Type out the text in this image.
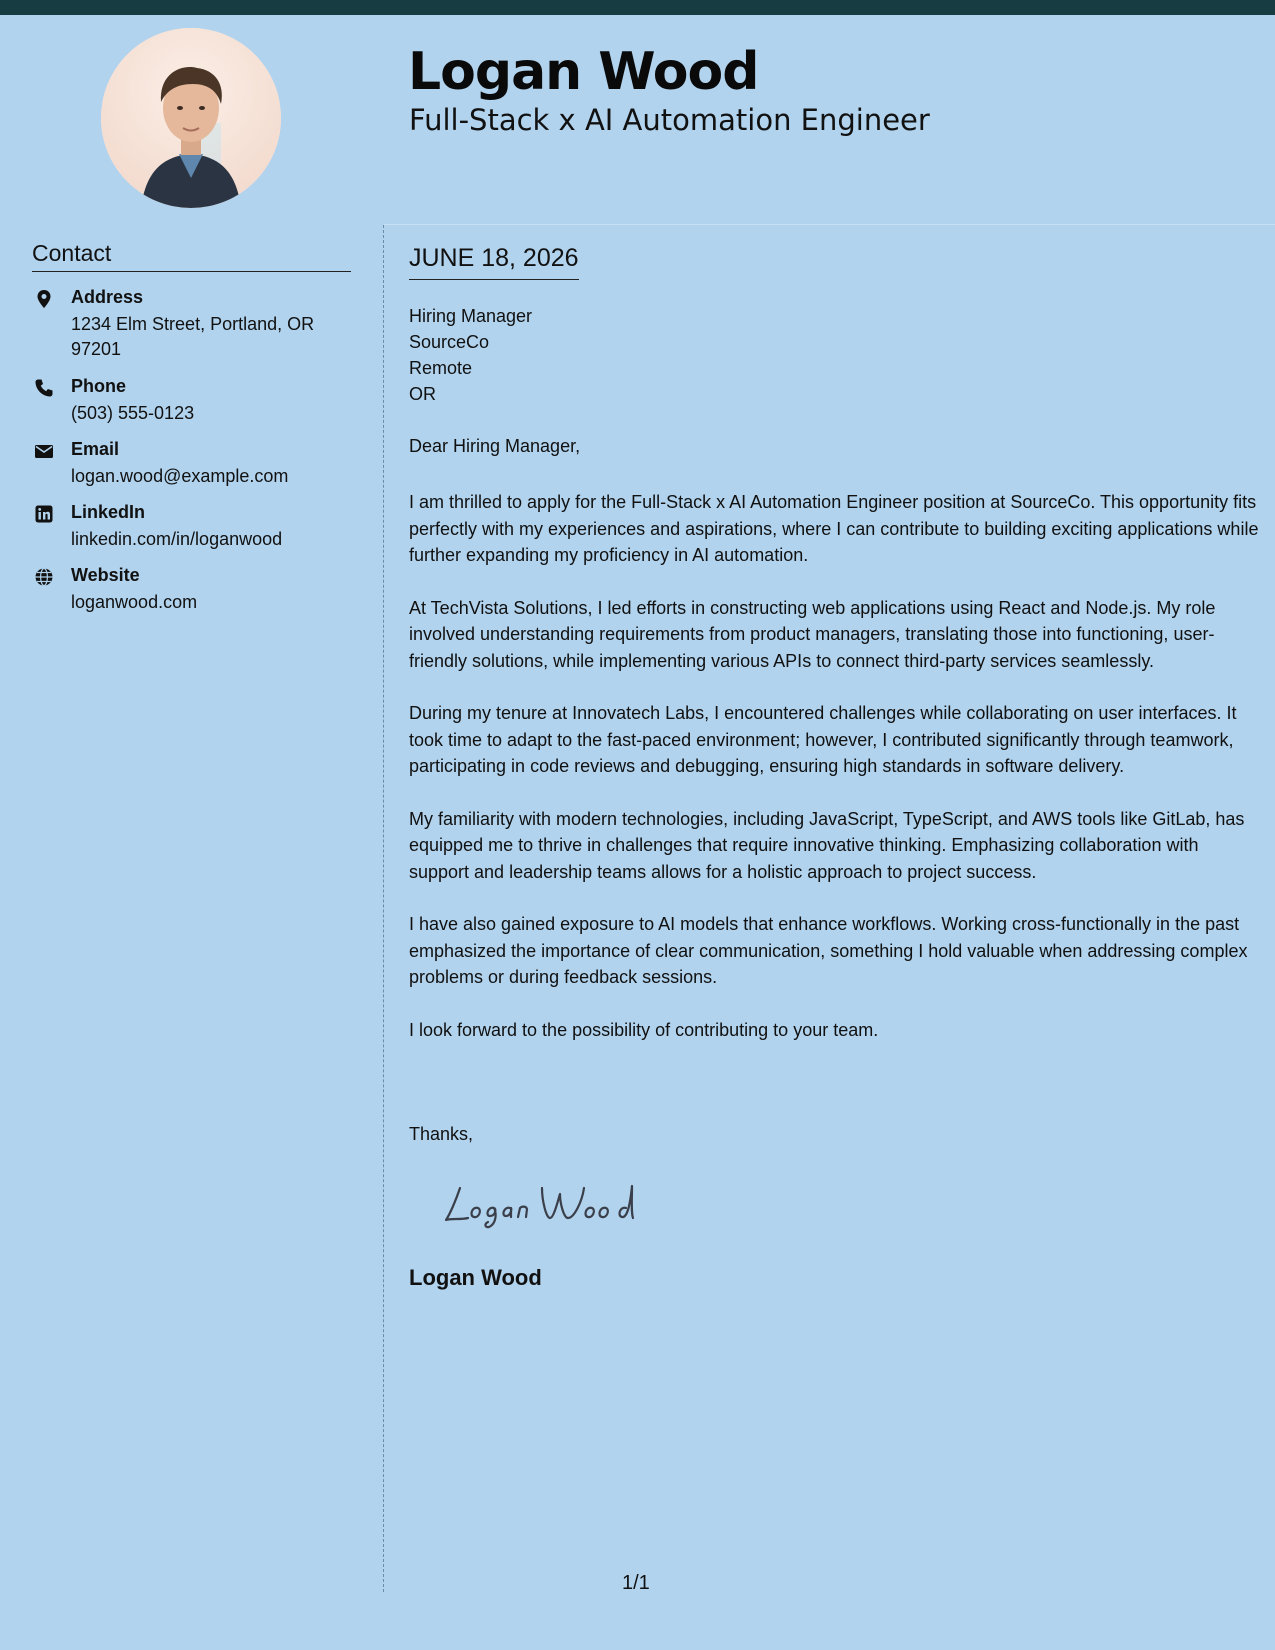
Logan Wood
Full-Stack x AI Automation Engineer
Contact
Address
1234 Elm Street, Portland, OR 97201
Phone
(503) 555-0123
Email
logan.wood@example.com
LinkedIn
linkedin.com/in/loganwood
Website
loganwood.com
JUNE 18, 2026
Hiring Manager
SourceCo
Remote
OR
Dear Hiring Manager,

I am thrilled to apply for the Full-Stack x AI Automation Engineer position at SourceCo. This opportunity fits perfectly with my experiences and aspirations, where I can contribute to building exciting applications while further expanding my proficiency in AI automation.

At TechVista Solutions, I led efforts in constructing web applications using React and Node.js. My role involved understanding requirements from product managers, translating those into functioning, user-friendly solutions, while implementing various APIs to connect third-party services seamlessly.

During my tenure at Innovatech Labs, I encountered challenges while collaborating on user interfaces. It took time to adapt to the fast-paced environment; however, I contributed significantly through teamwork, participating in code reviews and debugging, ensuring high standards in software delivery.

My familiarity with modern technologies, including JavaScript, TypeScript, and AWS tools like GitLab, has equipped me to thrive in challenges that require innovative thinking. Emphasizing collaboration with support and leadership teams allows for a holistic approach to project success.

I have also gained exposure to AI models that enhance workflows. Working cross-functionally in the past emphasized the importance of clear communication, something I hold valuable when addressing complex problems or during feedback sessions.

I look forward to the possibility of contributing to your team.

Thanks,
Logan Wood
1/1
